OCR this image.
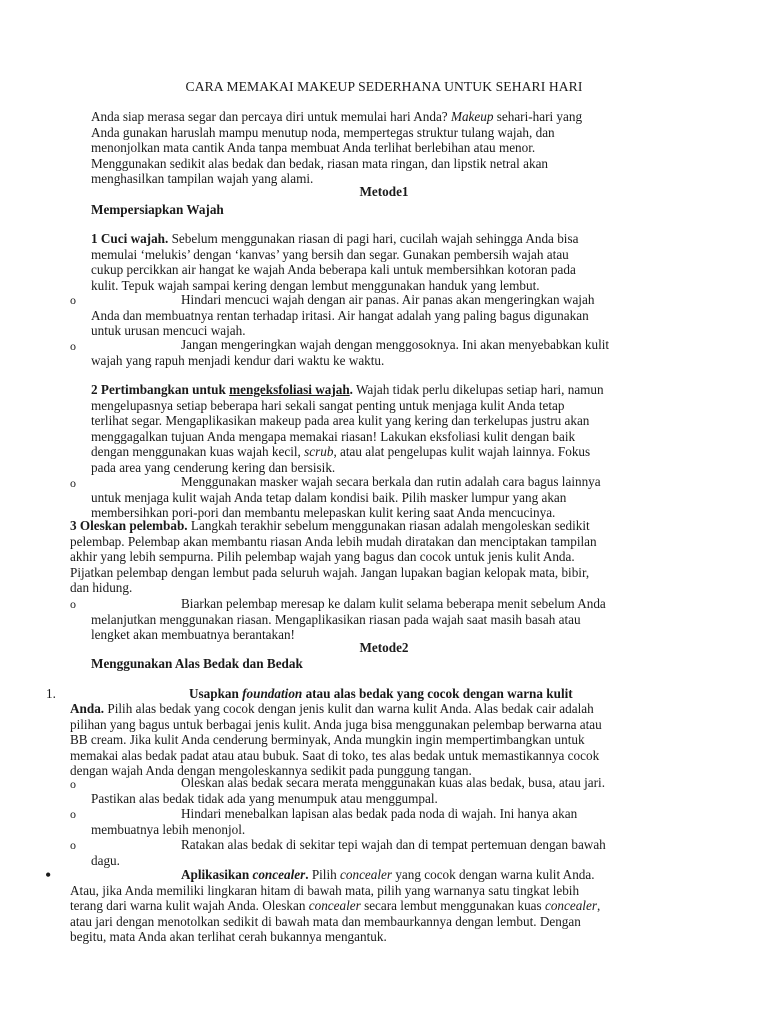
CARA MEMAKAI MAKEUP SEDERHANA UNTUK SEHARI HARI
Anda siap merasa segar dan percaya diri untuk memulai hari Anda? Makeup sehari-hari yang
Anda gunakan haruslah mampu menutup noda, mempertegas struktur tulang wajah, dan
menonjolkan mata cantik Anda tanpa membuat Anda terlihat berlebihan atau menor.
Menggunakan sedikit alas bedak dan bedak, riasan mata ringan, dan lipstik netral akan
menghasilkan tampilan wajah yang alami.
Metode1
Mempersiapkan Wajah
1 Cuci wajah. Sebelum menggunakan riasan di pagi hari, cucilah wajah sehingga Anda bisa
memulai ‘melukis’ dengan ‘kanvas’ yang bersih dan segar. Gunakan pembersih wajah atau
cukup percikkan air hangat ke wajah Anda beberapa kali untuk membersihkan kotoran pada
kulit. Tepuk wajah sampai kering dengan lembut menggunakan handuk yang lembut.
o	Hindari mencuci wajah dengan air panas. Air panas akan mengeringkan wajah
Anda dan membuatnya rentan terhadap iritasi. Air hangat adalah yang paling bagus digunakan
untuk urusan mencuci wajah.
o	Jangan mengeringkan wajah dengan menggosoknya. Ini akan menyebabkan kulit
wajah yang rapuh menjadi kendur dari waktu ke waktu.
2 Pertimbangkan untuk mengeksfoliasi wajah. Wajah tidak perlu dikelupas setiap hari, namun
mengelupasnya setiap beberapa hari sekali sangat penting untuk menjaga kulit Anda tetap
terlihat segar. Mengaplikasikan makeup pada area kulit yang kering dan terkelupas justru akan
menggagalkan tujuan Anda mengapa memakai riasan! Lakukan eksfoliasi kulit dengan baik
dengan menggunakan kuas wajah kecil, scrub, atau alat pengelupas kulit wajah lainnya. Fokus
pada area yang cenderung kering dan bersisik.
o	Menggunakan masker wajah secara berkala dan rutin adalah cara bagus lainnya
untuk menjaga kulit wajah Anda tetap dalam kondisi baik. Pilih masker lumpur yang akan
membersihkan pori-pori dan membantu melepaskan kulit kering saat Anda mencucinya.
3 Oleskan pelembab. Langkah terakhir sebelum menggunakan riasan adalah mengoleskan sedikit
pelembap. Pelembap akan membantu riasan Anda lebih mudah diratakan dan menciptakan tampilan
akhir yang lebih sempurna. Pilih pelembap wajah yang bagus dan cocok untuk jenis kulit Anda.
Pijatkan pelembap dengan lembut pada seluruh wajah. Jangan lupakan bagian kelopak mata, bibir,
dan hidung.
o	Biarkan pelembap meresap ke dalam kulit selama beberapa menit sebelum Anda
melanjutkan menggunakan riasan. Mengaplikasikan riasan pada wajah saat masih basah atau
lengket akan membuatnya berantakan!
Metode2
Menggunakan Alas Bedak dan Bedak
1.	Usapkan foundation atau alas bedak yang cocok dengan warna kulit
Anda. Pilih alas bedak yang cocok dengan jenis kulit dan warna kulit Anda. Alas bedak cair adalah
pilihan yang bagus untuk berbagai jenis kulit. Anda juga bisa menggunakan pelembap berwarna atau
BB cream. Jika kulit Anda cenderung berminyak, Anda mungkin ingin mempertimbangkan untuk
memakai alas bedak padat atau atau bubuk. Saat di toko, tes alas bedak untuk memastikannya cocok
dengan wajah Anda dengan mengoleskannya sedikit pada punggung tangan.
o	Oleskan alas bedak secara merata menggunakan kuas alas bedak, busa, atau jari.
Pastikan alas bedak tidak ada yang menumpuk atau menggumpal.
o	Hindari menebalkan lapisan alas bedak pada noda di wajah. Ini hanya akan
membuatnya lebih menonjol.
o	Ratakan alas bedak di sekitar tepi wajah dan di tempat pertemuan dengan bawah
dagu.
•	Aplikasikan concealer. Pilih concealer yang cocok dengan warna kulit Anda.
Atau, jika Anda memiliki lingkaran hitam di bawah mata, pilih yang warnanya satu tingkat lebih
terang dari warna kulit wajah Anda. Oleskan concealer secara lembut menggunakan kuas concealer,
atau jari dengan menotolkan sedikit di bawah mata dan membaurkannya dengan lembut. Dengan
begitu, mata Anda akan terlihat cerah bukannya mengantuk.
